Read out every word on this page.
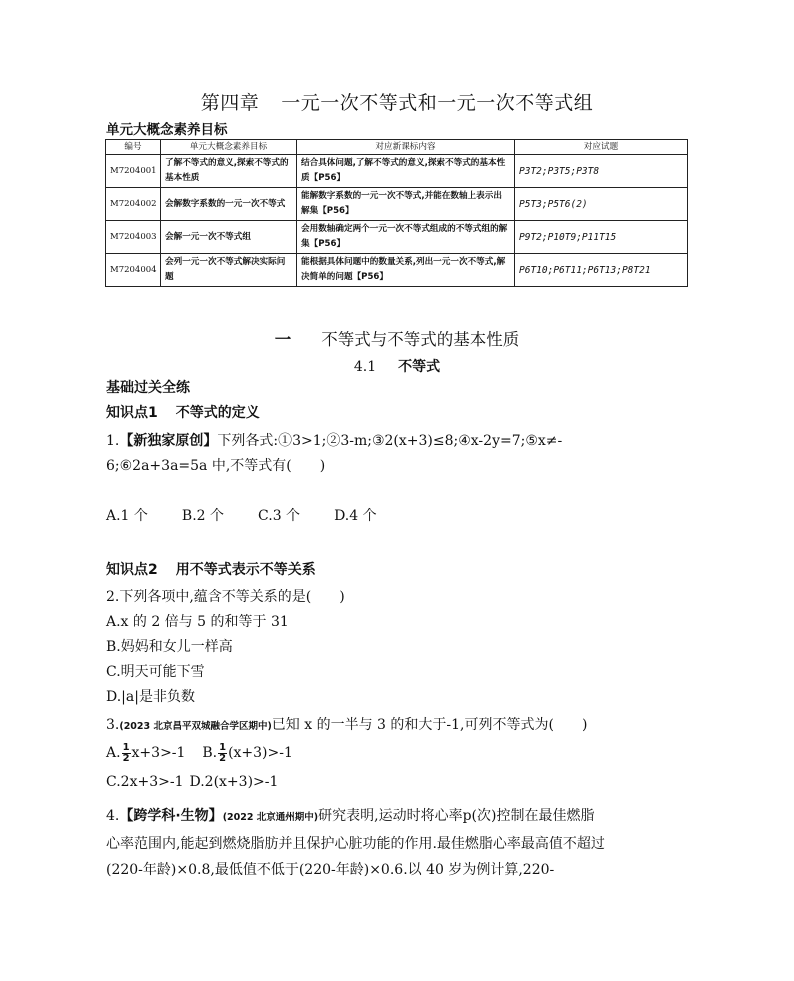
第四章 一元一次不等式和一元一次不等式组
单元大概念素养目标
编号	单元大概念素养目标	对应新课标内容	对应试题
M7204001	了解不等式的意义,探索不等式的基本性质	结合具体问题,了解不等式的意义,探索不等式的基本性质【P56】	P3T2;P3T5;P3T8
M7204002	会解数字系数的一元一次不等式	能解数字系数的一元一次不等式,并能在数轴上表示出解集【P56】	P5T3;P5T6(2)
M7204003	会解一元一次不等式组	会用数轴确定两个一元一次不等式组成的不等式组的解集【P56】	P9T2;P10T9;P11T15
M7204004	会列一元一次不等式解决实际问题	能根据具体问题中的数量关系,列出一元一次不等式,解决简单的问题【P56】	P6T10;P6T11;P6T13;P8T21
一 不等式与不等式的基本性质
4.1 不等式
基础过关全练
知识点1 不等式的定义
1.【新独家原创】下列各式:①3>1;②3-m;③2(x+3)≤8;④x-2y=7;⑤x≠-
6;⑥2a+3a=5a 中,不等式有(　　)
A.1 个 B.2 个 C.3 个 D.4 个
知识点2 用不等式表示不等关系
2.下列各项中,蕴含不等关系的是(　　)
A.x 的 2 倍与 5 的和等于 31
B.妈妈和女儿一样高
C.明天可能下雪
D.|a|是非负数
3.(2023 北京昌平双城融合学区期中)已知 x 的一半与 3 的和大于-1,可列不等式为(　　)
A. $\frac{1}{2} x+3>-1$ B. $\frac{1}{2} (x+3)>-1$
C.2x+3>-1 D.2(x+3)>-1
4.【跨学科·生物】(2022 北京通州期中)研究表明,运动时将心率p(次)控制在最佳燃脂
心率范围内,能起到燃烧脂肪并且保护心脏功能的作用.最佳燃脂心率最高值不超过
(220-年龄)×0.8,最低值不低于(220-年龄)×0.6.以 40 岁为例计算,220-
